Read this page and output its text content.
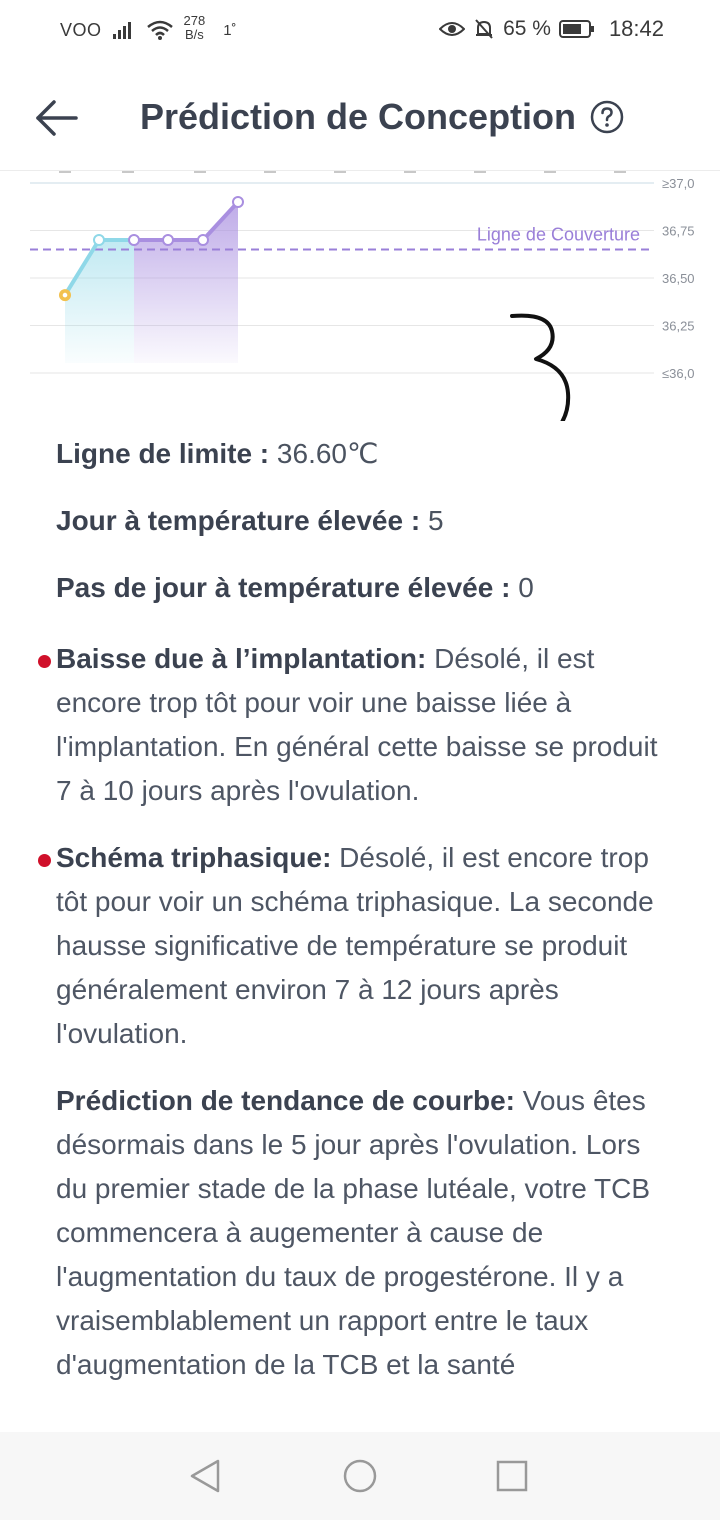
VOO	278
B/s 1˚	65 %	18:42
Prédiction de Conception
≥37,0
36,75
36,50
36,25
≤36,0
Ligne de Couverture
Ligne de limite : 36.60℃
Jour à température élevée : 5
Pas de jour à température élevée : 0
Baisse due à l’implantation: Désolé, il est encore trop tôt pour voir une baisse liée à l'implantation. En général cette baisse se produit 7 à 10 jours après l'ovulation.
Schéma triphasique: Désolé, il est encore trop tôt pour voir un schéma triphasique. La seconde hausse significative de température se produit généralement environ 7 à 12 jours après l'ovulation.
Prédiction de tendance de courbe: Vous êtes désormais dans le 5 jour après l'ovulation. Lors du premier stade de la phase lutéale, votre TCB commencera à augementer à cause de l'augmentation du taux de progestérone. Il y a vraisemblablement un rapport entre le taux d'augmentation de la TCB et la santé
